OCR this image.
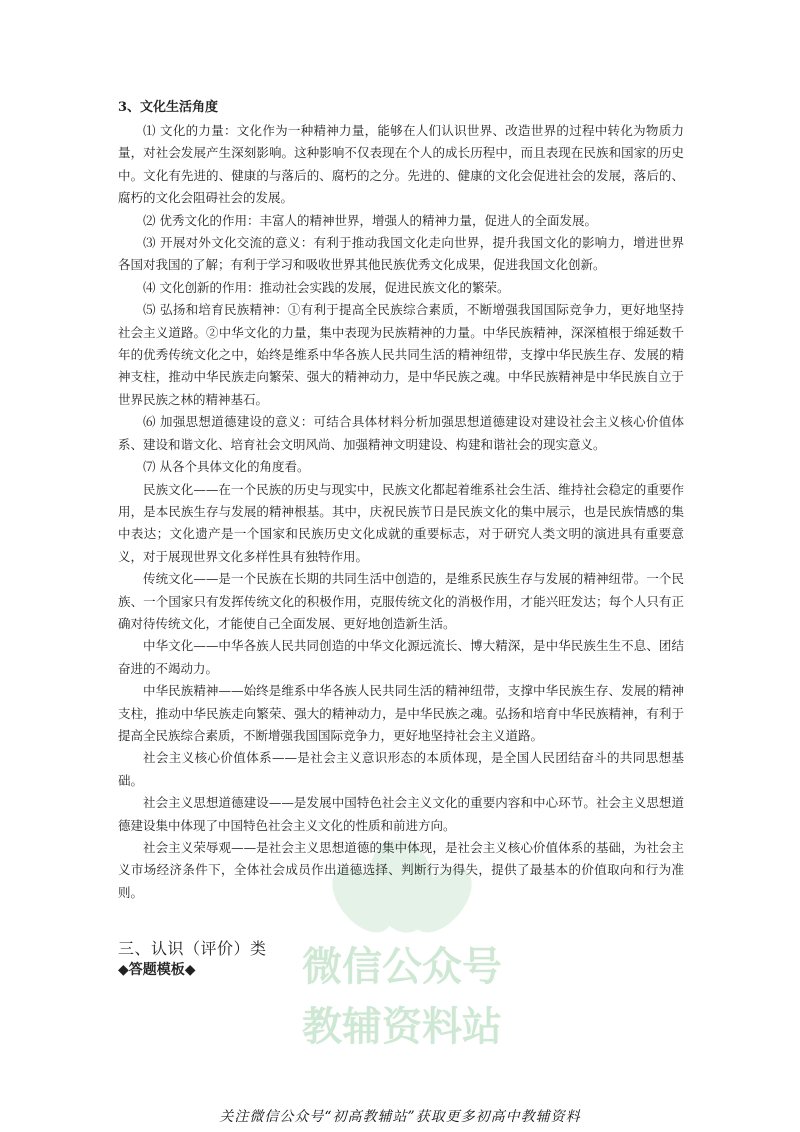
微信公众号
教辅资料站
3、文化生活角度

⑴ 文化的力量：文化作为一种精神力量，能够在人们认识世界、改造世界的过程中转化为物质力量，对社会发展产生深刻影响。这种影响不仅表现在个人的成长历程中，而且表现在民族和国家的历史中。文化有先进的、健康的与落后的、腐朽的之分。先进的、健康的文化会促进社会的发展，落后的、腐朽的文化会阻碍社会的发展。

⑵ 优秀文化的作用：丰富人的精神世界，增强人的精神力量，促进人的全面发展。

⑶ 开展对外文化交流的意义：有利于推动我国文化走向世界，提升我国文化的影响力，增进世界各国对我国的了解；有利于学习和吸收世界其他民族优秀文化成果，促进我国文化创新。

⑷ 文化创新的作用：推动社会实践的发展，促进民族文化的繁荣。

⑸ 弘扬和培育民族精神：①有利于提高全民族综合素质，不断增强我国国际竞争力，更好地坚持社会主义道路。②中华文化的力量，集中表现为民族精神的力量。中华民族精神，深深植根于绵延数千年的优秀传统文化之中，始终是维系中华各族人民共同生活的精神纽带，支撑中华民族生存、发展的精神支柱，推动中华民族走向繁荣、强大的精神动力，是中华民族之魂。中华民族精神是中华民族自立于世界民族之林的精神基石。

⑹ 加强思想道德建设的意义：可结合具体材料分析加强思想道德建设对建设社会主义核心价值体系、建设和谐文化、培育社会文明风尚、加强精神文明建设、构建和谐社会的现实意义。

⑺ 从各个具体文化的角度看。

民族文化——在一个民族的历史与现实中，民族文化都起着维系社会生活、维持社会稳定的重要作用，是本民族生存与发展的精神根基。其中，庆祝民族节日是民族文化的集中展示，也是民族情感的集中表达；文化遗产是一个国家和民族历史文化成就的重要标志，对于研究人类文明的演进具有重要意义，对于展现世界文化多样性具有独特作用。

传统文化——是一个民族在长期的共同生活中创造的，是维系民族生存与发展的精神纽带。一个民族、一个国家只有发挥传统文化的积极作用，克服传统文化的消极作用，才能兴旺发达；每个人只有正确对待传统文化，才能使自己全面发展、更好地创造新生活。

中华文化——中华各族人民共同创造的中华文化源远流长、博大精深，是中华民族生生不息、团结奋进的不竭动力。

中华民族精神——始终是维系中华各族人民共同生活的精神纽带，支撑中华民族生存、发展的精神支柱，推动中华民族走向繁荣、强大的精神动力，是中华民族之魂。弘扬和培育中华民族精神，有利于提高全民族综合素质，不断增强我国国际竞争力，更好地坚持社会主义道路。

社会主义核心价值体系——是社会主义意识形态的本质体现，是全国人民团结奋斗的共同思想基础。

社会主义思想道德建设——是发展中国特色社会主义文化的重要内容和中心环节。社会主义思想道德建设集中体现了中国特色社会主义文化的性质和前进方向。

社会主义荣辱观——是社会主义思想道德的集中体现，是社会主义核心价值体系的基础，为社会主义市场经济条件下，全体社会成员作出道德选择、判断行为得失，提供了最基本的价值取向和行为准则。

三、认识（评价）类
◆答题模板◆
关注微信公众号“初高教辅站”获取更多初高中教辅资料
